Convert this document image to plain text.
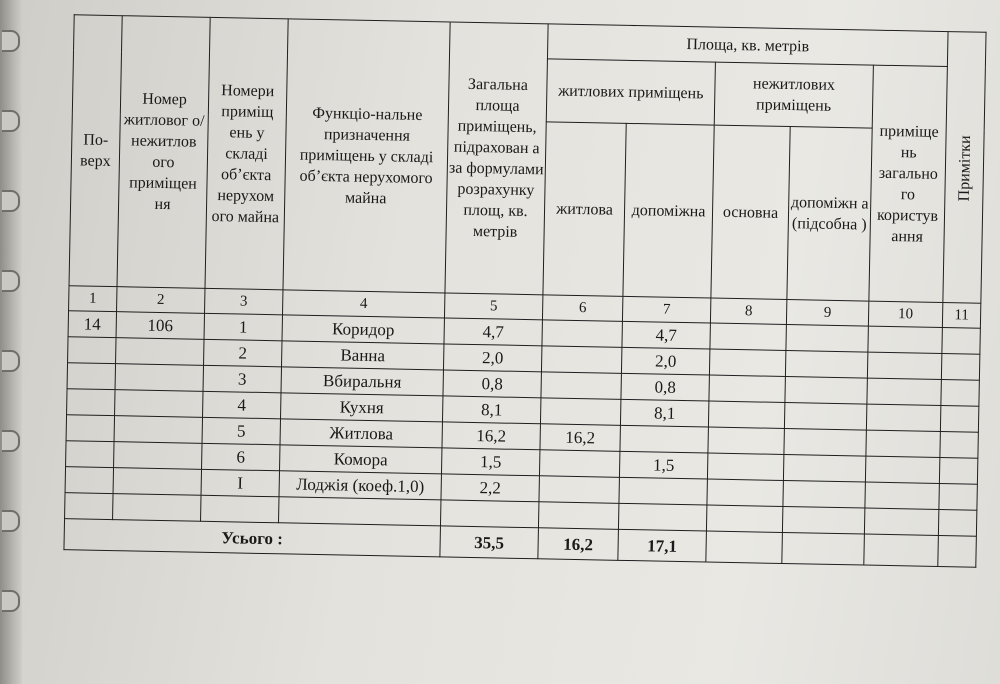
По-верх	Номер житловог о/ нежитлов ого приміщен ня	Номери приміщ ень у складі об’єкта нерухом ого майна	Функціо-нальне призначення приміщень у складі об’єкта нерухомого майна	Загальна площа приміщень, підрахован а за формулами розрахунку площ, кв. метрів	Площа, кв. метрів					Примітки
					житлових приміщень		нежитлових приміщень		приміще нь загально го користув ання	
					житлова	допоміжна	основна	допоміжн а (підсобна )		
1	2	3	4	5	6	7	8	9	10	11
14	106	1	Коридор	4,7		4,7				
		2	Ванна	2,0		2,0				
		3	Вбиральня	0,8		0,8				
		4	Кухня	8,1		8,1				
		5	Житлова	16,2	16,2					
		6	Комора	1,5		1,5				
		I	Лоджія (коеф.1,0)	2,2						

Усього :				35,5	16,2	17,1				
